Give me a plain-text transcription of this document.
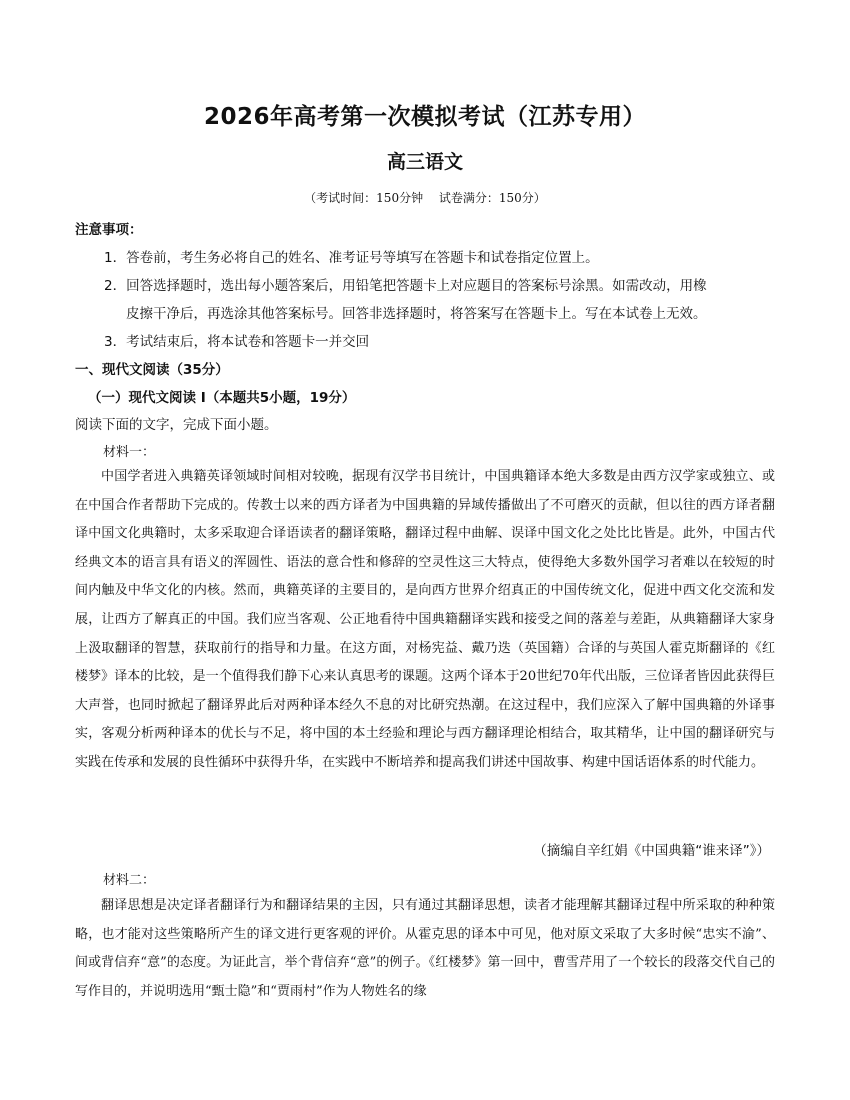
2026年高考第一次模拟考试（江苏专用）
高三语文
（考试时间：150分钟 试卷满分：150分）
注意事项：
1．答卷前，考生务必将自己的姓名、准考证号等填写在答题卡和试卷指定位置上。
2．回答选择题时，选出每小题答案后，用铅笔把答题卡上对应题目的答案标号涂黑。如需改动，用橡
皮擦干净后，再选涂其他答案标号。回答非选择题时，将答案写在答题卡上。写在本试卷上无效。
3．考试结束后，将本试卷和答题卡一并交回
一、现代文阅读（35分）
（一）现代文阅读 I（本题共5小题，19分）
阅读下面的文字，完成下面小题。
材料一：

中国学者进入典籍英译领域时间相对较晚，据现有汉学书目统计，中国典籍译本绝大多数是由西方汉学家或独立、或在中国合作者帮助下完成的。传教士以来的西方译者为中国典籍的异域传播做出了不可磨灭的贡献，但以往的西方译者翻译中国文化典籍时，太多采取迎合译语读者的翻译策略，翻译过程中曲解、误译中国文化之处比比皆是。此外，中国古代经典文本的语言具有语义的浑圆性、语法的意合性和修辞的空灵性这三大特点，使得绝大多数外国学习者难以在较短的时间内触及中华文化的内核。然而，典籍英译的主要目的，是向西方世界介绍真正的中国传统文化，促进中西文化交流和发展，让西方了解真正的中国。我们应当客观、公正地看待中国典籍翻译实践和接受之间的落差与差距，从典籍翻译大家身上汲取翻译的智慧，获取前行的指导和力量。在这方面，对杨宪益、戴乃迭（英国籍）合译的与英国人霍克斯翻译的《红楼梦》译本的比较，是一个值得我们静下心来认真思考的课题。这两个译本于20世纪70年代出版，三位译者皆因此获得巨大声誉，也同时掀起了翻译界此后对两种译本经久不息的对比研究热潮。在这过程中，我们应深入了解中国典籍的外译事实，客观分析两种译本的优长与不足，将中国的本土经验和理论与西方翻译理论相结合，取其精华，让中国的翻译研究与实践在传承和发展的良性循环中获得升华，在实践中不断培养和提高我们讲述中国故事、构建中国话语体系的时代能力。

（摘编自辛红娟《中国典籍“谁来译”》）
材料二：

翻译思想是决定译者翻译行为和翻译结果的主因，只有通过其翻译思想，读者才能理解其翻译过程中所采取的种种策略，也才能对这些策略所产生的译文进行更客观的评价。从霍克思的译本中可见，他对原文采取了大多时候“忠实不渝”、间或背信弃“意”的态度。为证此言，举个背信弃“意”的例子。《红楼梦》第一回中，曹雪芹用了一个较长的段落交代自己的写作目的，并说明选用“甄士隐”和“贾雨村”作为人物姓名的缘
